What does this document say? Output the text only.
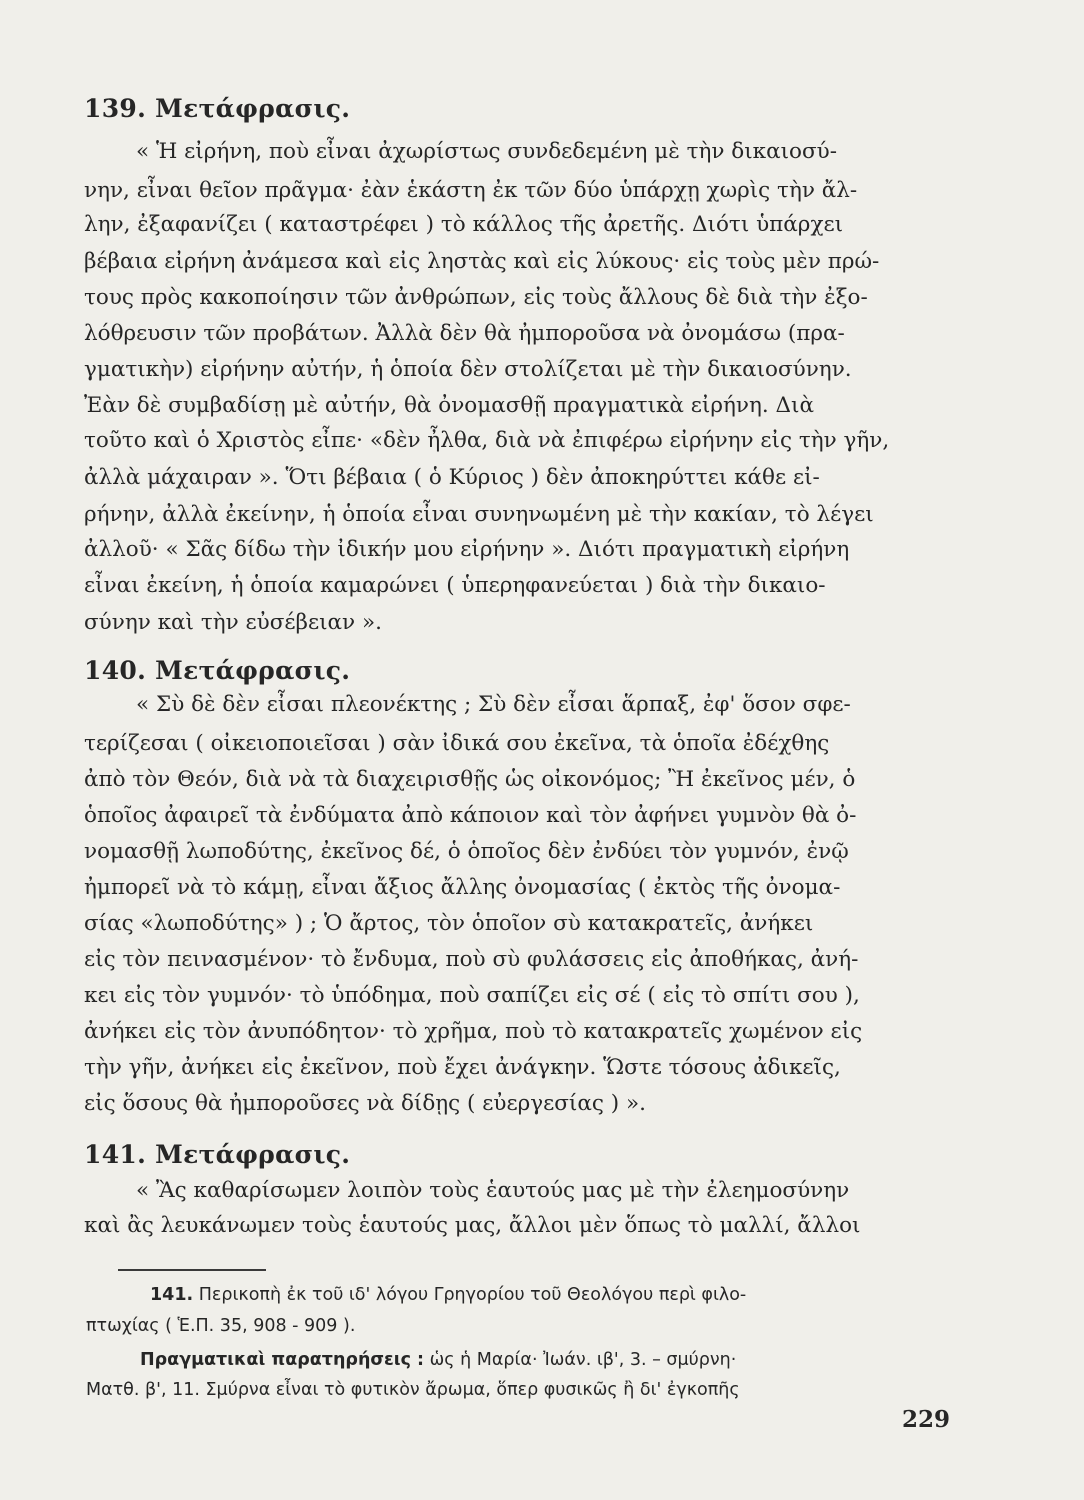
139. Μετάφρασις.
« Ἡ εἰρήνη, ποὺ εἶναι ἀχωρίστως συνδεδεμένη μὲ τὴν δικαιοσύ-
νην, εἶναι θεῖον πρᾶγμα· ἐὰν ἑκάστη ἐκ τῶν δύο ὑπάρχῃ χωρὶς τὴν ἄλ-
λην, ἐξαφανίζει ( καταστρέφει ) τὸ κάλλος τῆς ἀρετῆς. Διότι ὑπάρχει
βέβαια εἰρήνη ἀνάμεσα καὶ εἰς ληστὰς καὶ εἰς λύκους· εἰς τοὺς μὲν πρώ-
τους πρὸς κακοποίησιν τῶν ἀνθρώπων, εἰς τοὺς ἄλλους δὲ διὰ τὴν ἐξο-
λόθρευσιν τῶν προβάτων. Ἀλλὰ δὲν θὰ ἠμποροῦσα νὰ ὀνομάσω (πρα-
γματικὴν) εἰρήνην αὐτήν, ἡ ὁποία δὲν στολίζεται μὲ τὴν δικαιοσύνην.
Ἐὰν δὲ συμβαδίσῃ μὲ αὐτήν, θὰ ὀνομασθῇ πραγματικὰ εἰρήνη. Διὰ
τοῦτο καὶ ὁ Χριστὸς εἶπε· «δὲν ἦλθα, διὰ νὰ ἐπιφέρω εἰρήνην εἰς τὴν γῆν,
ἀλλὰ μάχαιραν ». Ὅτι βέβαια ( ὁ Κύριος ) δὲν ἀποκηρύττει κάθε εἰ-
ρήνην, ἀλλὰ ἐκείνην, ἡ ὁποία εἶναι συνηνωμένη μὲ τὴν κακίαν, τὸ λέγει
ἀλλοῦ· « Σᾶς δίδω τὴν ἰδικήν μου εἰρήνην ». Διότι πραγματικὴ εἰρήνη
εἶναι ἐκείνη, ἡ ὁποία καμαρώνει ( ὑπερηφανεύεται ) διὰ τὴν δικαιο-
σύνην καὶ τὴν εὐσέβειαν ».
140. Μετάφρασις.
« Σὺ δὲ δὲν εἶσαι πλεονέκτης ; Σὺ δὲν εἶσαι ἅρπαξ, ἐφ' ὅσον σφε-
τερίζεσαι ( οἰκειοποιεῖσαι ) σὰν ἰδικά σου ἐκεῖνα, τὰ ὁποῖα ἐδέχθης
ἀπὸ τὸν Θεόν, διὰ νὰ τὰ διαχειρισθῇς ὡς οἰκονόμος; Ἢ ἐκεῖνος μέν, ὁ
ὁποῖος ἀφαιρεῖ τὰ ἐνδύματα ἀπὸ κάποιον καὶ τὸν ἀφήνει γυμνὸν θὰ ὀ-
νομασθῇ λωποδύτης, ἐκεῖνος δέ, ὁ ὁποῖος δὲν ἐνδύει τὸν γυμνόν, ἐνῷ
ἠμπορεῖ νὰ τὸ κάμῃ, εἶναι ἄξιος ἄλλης ὀνομασίας ( ἐκτὸς τῆς ὀνομα-
σίας «λωποδύτης» ) ; Ὁ ἄρτος, τὸν ὁποῖον σὺ κατακρατεῖς, ἀνήκει
εἰς τὸν πεινασμένον· τὸ ἔνδυμα, ποὺ σὺ φυλάσσεις εἰς ἀποθήκας, ἀνή-
κει εἰς τὸν γυμνόν· τὸ ὑπόδημα, ποὺ σαπίζει εἰς σέ ( εἰς τὸ σπίτι σου ),
ἀνήκει εἰς τὸν ἀνυπόδητον· τὸ χρῆμα, ποὺ τὸ κατακρατεῖς χωμένον εἰς
τὴν γῆν, ἀνήκει εἰς ἐκεῖνον, ποὺ ἔχει ἀνάγκην. Ὥστε τόσους ἀδικεῖς,
εἰς ὅσους θὰ ἠμποροῦσες νὰ δίδῃς ( εὐεργεσίας ) ».
141. Μετάφρασις.
« Ἂς καθαρίσωμεν λοιπὸν τοὺς ἑαυτούς μας μὲ τὴν ἐλεημοσύνην
καὶ ἂς λευκάνωμεν τοὺς ἑαυτούς μας, ἄλλοι μὲν ὅπως τὸ μαλλί, ἄλλοι
141. Περικοπὴ ἐκ τοῦ ιδ' λόγου Γρηγορίου τοῦ Θεολόγου περὶ φιλο-
πτωχίας ( Ἑ.Π. 35, 908 - 909 ).
Πραγματικαὶ παρατηρήσεις : ὡς ἡ Μαρία· Ἰωάν. ιβ', 3. – σμύρνη·
Ματθ. β', 11. Σμύρνα εἶναι τὸ φυτικὸν ἄρωμα, ὅπερ φυσικῶς ἢ δι' ἐγκοπῆς
229
